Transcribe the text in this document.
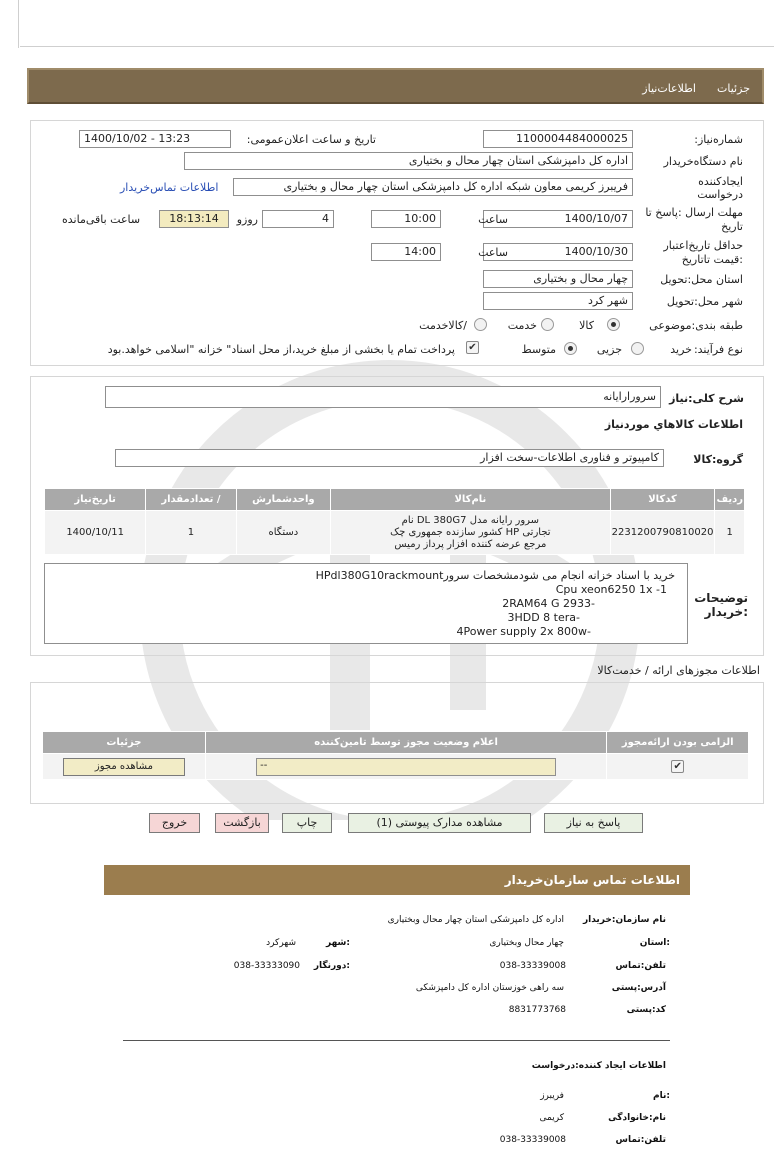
جزئیات
اطلاعات‌نیاز
شماره‌نیاز:
1100004484000025
تاریخ و ساعت اعلان‌عمومی:
1400/10/02 - 13:23
نام دستگاه‌خریدار
اداره کل دامپزشکی استان چهار محال و بختیاری
ایجادکننده
درخواست
فریبرز کریمی معاون شبکه اداره کل دامپزشکی استان چهار محال و بختیاری
اطلاعات تماس‌خریدار
مهلت ارسال :پاسخ تا
تاریخ
1400/10/07
ساعت
10:00
4
روزو
18:13:14
ساعت باقی‌مانده
حداقل تاریخ‌اعتبار
:قیمت تا‌تاریخ
1400/10/30
ساعت
14:00
استان محل:تحویل
چهار محال و بختیاری
شهر محل:تحویل
شهر کرد
طبقه بندی:موضوعی
کالا
خدمت
/کالاخدمت
نوع فرآیند:
خرید
جزیی
متوسط
✔
پرداخت تمام یا بخشی از مبلغ خرید،از محل اسناد" خزانه "اسلامی خواهد.بود
شرح کلی:نیاز
سرورارایانه
اطلاعات کالاهاي موردنياز
گروه:کالا
کامپیوتر و فناوری اطلاعات-سخت افزار
ردیف	کدکالا	نام‌کالا	واحدشمارش	/ تعدادمقدار	تاریخ‌نیاز
1	2231200790810020	سرور رایانه مدل DL 380G7 نام
تجارتی HP کشور سازنده جمهوری چک
مرجع عرضه کننده افزار پرداز رمیس	دستگاه	1	1400/10/11
توضیحات
:خریدار
خرید با اسناد خزانه انجام می شودمشخصات سرورHPdl380G10rackmount
1- Cpu xeon6250 1x
-2RAM64 G 2933
-3HDD 8 tera
-4Power supply 2x 800w
اطلاعات مجوزهای ارائه / خدمت‌کالا
الزامی بودن ارائه‌مجوز	اعلام وضعیت مجوز توسط تامین‌کننده	جزئیات
✔	--	مشاهده مجوز
پاسخ به نیاز
مشاهده مدارک پیوستی (1)
چاپ
بازگشت
خروج
اطلاعات تماس سازمان‌خریدار
نام سازمان:خریدار
اداره کل دامپزشکی استان چهار محال وبختیاری
:استان
چهار محال وبختیاری
:شهر
شهرکرد
تلفن:تماس
038-33339008
:دورنگار
038-33333090
آدرس:پستی
سه راهی خوزستان اداره کل دامپزشکی
کد:پستی
8831773768
اطلاعات ایجاد کننده:درخواست
:نام
فریبرز
نام:خانوادگی
کریمی
تلفن:تماس
038-33339008
